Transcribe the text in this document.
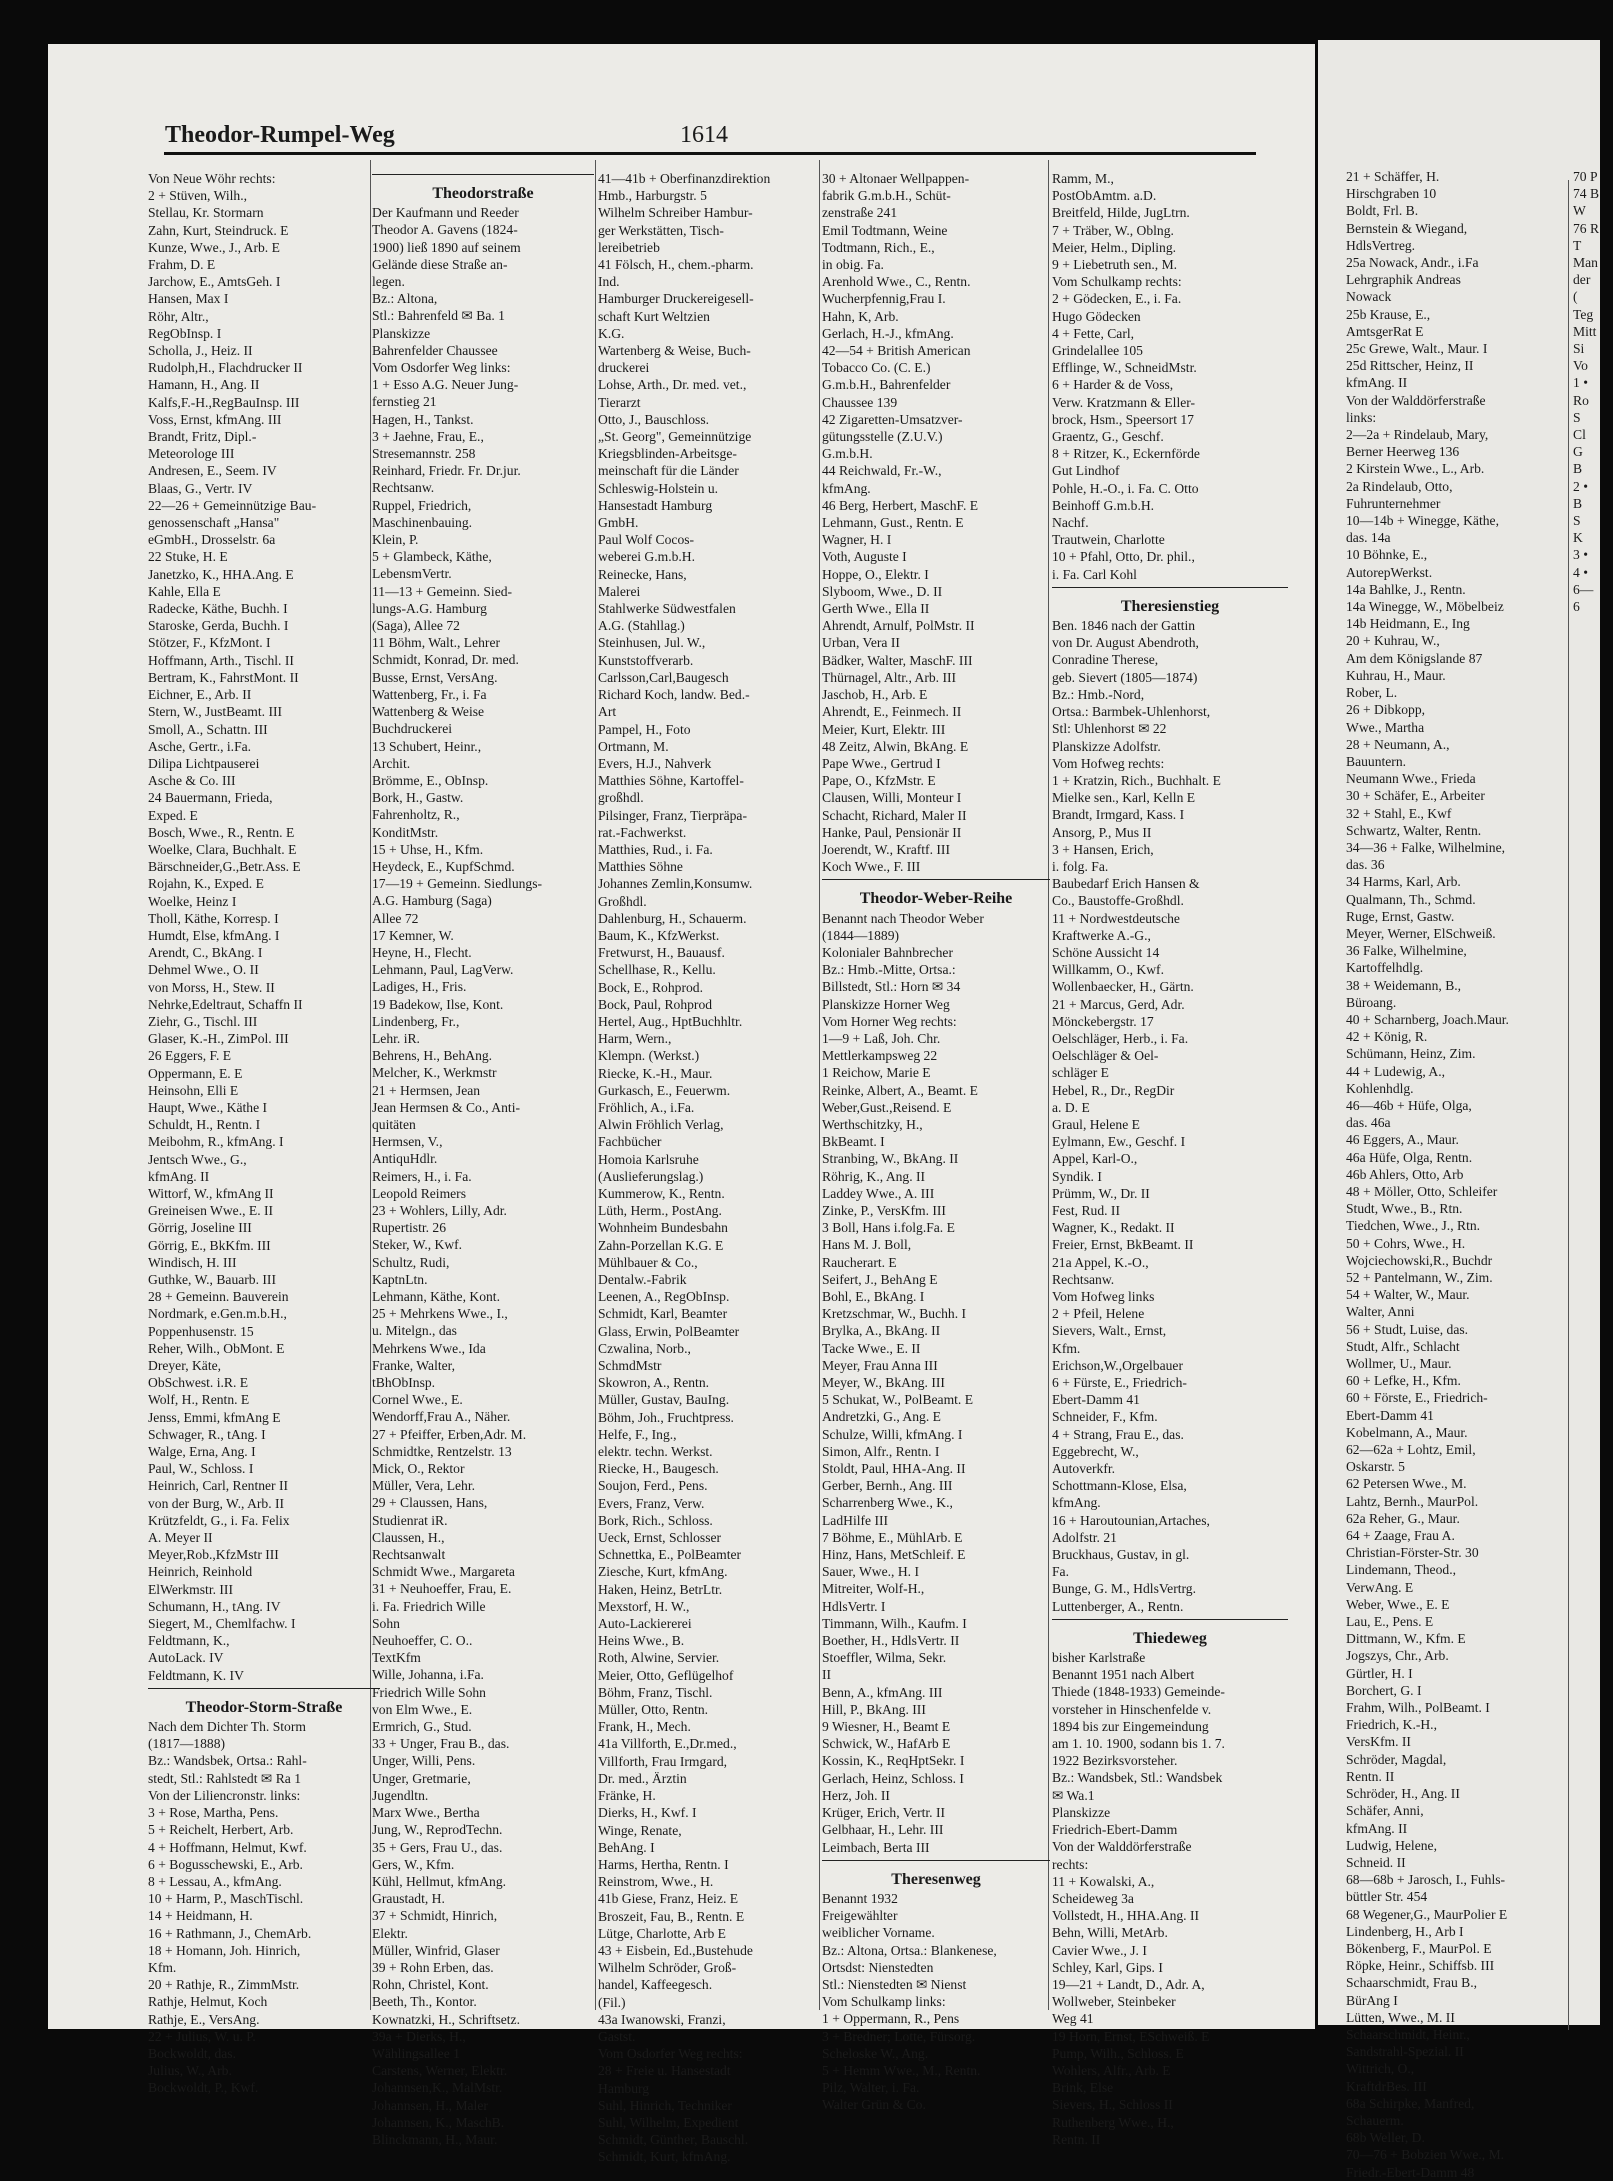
Theodor-Rumpel-Weg	1614
Von Neue Wöhr rechts:
2 + Stüven, Wilh.,
Stellau, Kr. Stormarn
Zahn, Kurt, Steindruck. E
Kunze, Wwe., J., Arb. E
Frahm, D. E
Jarchow, E., AmtsGeh. I
Hansen, Max I
Röhr, Altr.,
RegObInsp. I
Scholla, J., Heiz. II
Rudolph,H., Flachdrucker II
Hamann, H., Ang. II
Kalfs,F.-H.,RegBauInsp. III
Voss, Ernst, kfmAng. III
Brandt, Fritz, Dipl.-
Meteorologe III
Andresen, E., Seem. IV
Blaas, G., Vertr. IV
22—26 + Gemeinnützige Bau-
genossenschaft „Hansa"
eGmbH., Drosselstr. 6a
22 Stuke, H. E
Janetzko, K., HHA.Ang. E
Kahle, Ella E
Radecke, Käthe, Buchh. I
Staroske, Gerda, Buchh. I
Stötzer, F., KfzMont. I
Hoffmann, Arth., Tischl. II
Bertram, K., FahrstMont. II
Eichner, E., Arb. II
Stern, W., JustBeamt. III
Smoll, A., Schattn. III
Asche, Gertr., i.Fa.
Dilipa Lichtpauserei
Asche & Co. III
24 Bauermann, Frieda,
Exped. E
Bosch, Wwe., R., Rentn. E
Woelke, Clara, Buchhalt. E
Bärschneider,G.,Betr.Ass. E
Rojahn, K., Exped. E
Woelke, Heinz I
Tholl, Käthe, Korresp. I
Humdt, Else, kfmAng. I
Arendt, C., BkAng. I
Dehmel Wwe., O. II
von Morss, H., Stew. II
Nehrke,Edeltraut, Schaffn II
Ziehr, G., Tischl. III
Glaser, K.-H., ZimPol. III
26 Eggers, F. E
Oppermann, E. E
Heinsohn, Elli E
Haupt, Wwe., Käthe I
Schuldt, H., Rentn. I
Meibohm, R., kfmAng. I
Jentsch Wwe., G.,
kfmAng. II
Wittorf, W., kfmAng II
Greineisen Wwe., E. II
Görrig, Joseline III
Görrig, E., BkKfm. III
Windisch, H. III
Guthke, W., Bauarb. III
28 + Gemeinn. Bauverein
Nordmark, e.Gen.m.b.H.,
Poppenhusenstr. 15
Reher, Wilh., ObMont. E
Dreyer, Käte,
ObSchwest. i.R. E
Wolf, H., Rentn. E
Jenss, Emmi, kfmAng E
Schwager, R., tAng. I
Walge, Erna, Ang. I
Paul, W., Schloss. I
Heinrich, Carl, Rentner II
von der Burg, W., Arb. II
Krützfeldt, G., i. Fa. Felix
A. Meyer II
Meyer,Rob.,KfzMstr III
Heinrich, Reinhold
ElWerkmstr. III
Schumann, H., tAng. IV
Siegert, M., Chemlfachw. I
Feldtmann, K.,
AutoLack. IV
Feldtmann, K. IV
Theodor-Storm-Straße
Nach dem Dichter Th. Storm
(1817—1888)
Bz.: Wandsbek, Ortsa.: Rahl-
stedt, Stl.: Rahlstedt ✉ Ra 1
Von der Liliencronstr. links:
3 + Rose, Martha, Pens.
5 + Reichelt, Herbert, Arb.
4 + Hoffmann, Helmut, Kwf.
6 + Bogusschewski, E., Arb.
8 + Lessau, A., kfmAng.
10 + Harm, P., MaschTischl.
14 + Heidmann, H.
16 + Rathmann, J., ChemArb.
18 + Homann, Joh. Hinrich,
Kfm.
20 + Rathje, R., ZimmMstr.
Rathje, Helmut, Koch
Rathje, E., VersAng.
22 + Julius, W. u. P.
Bockwoldt, das.
Julius, W., Arb.
Bockwoldt, P., Kwf.
Theodorstraße
Der Kaufmann und Reeder
Theodor A. Gavens (1824-
1900) ließ 1890 auf seinem
Gelände diese Straße an-
legen.
Bz.: Altona,
Stl.: Bahrenfeld ✉ Ba. 1
Planskizze
Bahrenfelder Chaussee
Vom Osdorfer Weg links:
1 + Esso A.G. Neuer Jung-
fernstieg 21
Hagen, H., Tankst.
3 + Jaehne, Frau, E.,
Stresemannstr. 258
Reinhard, Friedr. Fr. Dr.jur.
Rechtsanw.
Ruppel, Friedrich,
Maschinenbauing.
Klein, P.
5 + Glambeck, Käthe,
LebensmVertr.
11—13 + Gemeinn. Sied-
lungs-A.G. Hamburg
(Saga), Allee 72
11 Böhm, Walt., Lehrer
Schmidt, Konrad, Dr. med.
Busse, Ernst, VersAng.
Wattenberg, Fr., i. Fa
Wattenberg & Weise
Buchdruckerei
13 Schubert, Heinr.,
Archit.
Brömme, E., ObInsp.
Bork, H., Gastw.
Fahrenholtz, R.,
KonditMstr.
15 + Uhse, H., Kfm.
Heydeck, E., KupfSchmd.
17—19 + Gemeinn. Siedlungs-
A.G. Hamburg (Saga)
Allee 72
17 Kemner, W.
Heyne, H., Flecht.
Lehmann, Paul, LagVerw.
Ladiges, H., Fris.
19 Badekow, Ilse, Kont.
Lindenberg, Fr.,
Lehr. iR.
Behrens, H., BehAng.
Melcher, K., Werkmstr
21 + Hermsen, Jean
Jean Hermsen & Co., Anti-
quitäten
Hermsen, V.,
AntiquHdlr.
Reimers, H., i. Fa.
Leopold Reimers
23 + Wohlers, Lilly, Adr.
Rupertistr. 26
Steker, W., Kwf.
Schultz, Rudi,
KaptnLtn.
Lehmann, Käthe, Kont.
25 + Mehrkens Wwe., I.,
u. Mitelgn., das
Mehrkens Wwe., Ida
Franke, Walter,
tBhObInsp.
Cornel Wwe., E.
Wendorff,Frau A., Näher.
27 + Pfeiffer, Erben,Adr. M.
Schmidtke, Rentzelstr. 13
Mick, O., Rektor
Müller, Vera, Lehr.
29 + Claussen, Hans,
Studienrat iR.
Claussen, H.,
Rechtsanwalt
Schmidt Wwe., Margareta
31 + Neuhoeffer, Frau, E.
i. Fa. Friedrich Wille
Sohn
Neuhoeffer, C. O..
TextKfm
Wille, Johanna, i.Fa.
Friedrich Wille Sohn
von Elm Wwe., E.
Ermrich, G., Stud.
33 + Unger, Frau B., das.
Unger, Willi, Pens.
Unger, Gretmarie,
Jugendltn.
Marx Wwe., Bertha
Jung, W., ReprodTechn.
35 + Gers, Frau U., das.
Gers, W., Kfm.
Kühl, Hellmut, kfmAng.
Graustadt, H.
37 + Schmidt, Hinrich,
Elektr.
Müller, Winfrid, Glaser
39 + Rohn Erben, das.
Rohn, Christel, Kont.
Beeth, Th., Kontor.
Kownatzki, H., Schriftsetz.
39a + Dierks, H.,
Wählingsallee 1
Carstens, Werner, Elektr.
Johannsen,K., MalMstr.
Johannsen, H., Maler
Johannsen, K., MaschB.
Blinckmann, H., Maur.
41—41b + Oberfinanzdirektion
Hmb., Harburgstr. 5
Wilhelm Schreiber Hambur-
ger Werkstätten, Tisch-
lereibetrieb
41 Fölsch, H., chem.-pharm.
Ind.
Hamburger Druckereigesell-
schaft Kurt Weltzien
K.G.
Wartenberg & Weise, Buch-
druckerei
Lohse, Arth., Dr. med. vet.,
Tierarzt
Otto, J., Bauschloss.
„St. Georg", Gemeinnützige
Kriegsblinden-Arbeitsge-
meinschaft für die Länder
Schleswig-Holstein u.
Hansestadt Hamburg
GmbH.
Paul Wolf Cocos-
weberei G.m.b.H.
Reinecke, Hans,
Malerei
Stahlwerke Südwestfalen
A.G. (Stahllag.)
Steinhusen, Jul. W.,
Kunststoffverarb.
Carlsson,Carl,Baugesch
Richard Koch, landw. Bed.-
Art
Pampel, H., Foto
Ortmann, M.
Evers, H.J., Nahverk
Matthies Söhne, Kartoffel-
großhdl.
Pilsinger, Franz, Tierpräpa-
rat.-Fachwerkst.
Matthies, Rud., i. Fa.
Matthies Söhne
Johannes Zemlin,Konsumw.
Großhdl.
Dahlenburg, H., Schauerm.
Baum, K., KfzWerkst.
Fretwurst, H., Bauausf.
Schellhase, R., Kellu.
Bock, E., Rohprod.
Bock, Paul, Rohprod
Hertel, Aug., HptBuchhltr.
Harm, Wern.,
Klempn. (Werkst.)
Riecke, K.-H., Maur.
Gurkasch, E., Feuerwm.
Fröhlich, A., i.Fa.
Alwin Fröhlich Verlag,
Fachbücher
Homoia Karlsruhe
(Auslieferungslag.)
Kummerow, K., Rentn.
Lüth, Herm., PostAng.
Wohnheim Bundesbahn
Zahn-Porzellan K.G. E
Mühlbauer & Co.,
Dentalw.-Fabrik
Leenen, A., RegObInsp.
Schmidt, Karl, Beamter
Glass, Erwin, PolBeamter
Czwalina, Norb.,
SchmdMstr
Skowron, A., Rentn.
Müller, Gustav, BauIng.
Böhm, Joh., Fruchtpress.
Helfe, F., Ing.,
elektr. techn. Werkst.
Riecke, H., Baugesch.
Soujon, Ferd., Pens.
Evers, Franz, Verw.
Bork, Rich., Schloss.
Ueck, Ernst, Schlosser
Schnettka, E., PolBeamter
Ziesche, Kurt, kfmAng.
Haken, Heinz, BetrLtr.
Mexstorf, H. W.,
Auto-Lackiererei
Heins Wwe., B.
Roth, Alwine, Servier.
Meier, Otto, Geflügelhof
Böhm, Franz, Tischl.
Müller, Otto, Rentn.
Frank, H., Mech.
41a Villforth, E.,Dr.med.,
Villforth, Frau Irmgard,
Dr. med., Ärztin
Fränke, H.
Dierks, H., Kwf. I
Winge, Renate,
BehAng. I
Harms, Hertha, Rentn. I
Reinstrom, Wwe., H.
41b Giese, Franz, Heiz. E
Broszeit, Fau, B., Rentn. E
Lütge, Charlotte, Arb E
43 + Eisbein, Ed.,Bustehude
Wilhelm Schröder, Groß-
handel, Kaffeegesch.
(Fil.)
43a Iwanowski, Franzi,
Gastst.
Vom Osdorfer Weg rechts:
28 + Freie u. Hansestadt
Hamburg
Suhl, Hinrich, Techniker
Suhl, Wilhelm, Expedient
Schmidt, Günther, Bauschl.
Schmidt, Kurt, kfmAng.
30 + Altonaer Wellpappen-
fabrik G.m.b.H., Schüt-
zenstraße 241
Emil Todtmann, Weine
Todtmann, Rich., E.,
in obig. Fa.
Arenhold Wwe., C., Rentn.
Wucherpfennig,Frau I.
Hahn, K, Arb.
Gerlach, H.-J., kfmAng.
42—54 + British American
Tobacco Co. (C. E.)
G.m.b.H., Bahrenfelder
Chaussee 139
42 Zigaretten-Umsatzver-
gütungsstelle (Z.U.V.)
G.m.b.H.
44 Reichwald, Fr.-W.,
kfmAng.
46 Berg, Herbert, MaschF. E
Lehmann, Gust., Rentn. E
Wagner, H. I
Voth, Auguste I
Hoppe, O., Elektr. I
Slyboom, Wwe., D. II
Gerth Wwe., Ella II
Ahrendt, Arnulf, PolMstr. II
Urban, Vera II
Bädker, Walter, MaschF. III
Thürnagel, Altr., Arb. III
Jaschob, H., Arb. E
Ahrendt, E., Feinmech. II
Meier, Kurt, Elektr. III
48 Zeitz, Alwin, BkAng. E
Pape Wwe., Gertrud I
Pape, O., KfzMstr. E
Clausen, Willi, Monteur I
Schacht, Richard, Maler II
Hanke, Paul, Pensionär II
Joerendt, W., Kraftf. III
Koch Wwe., F. III
Theodor-Weber-Reihe
Benannt nach Theodor Weber
(1844—1889)
Kolonialer Bahnbrecher
Bz.: Hmb.-Mitte, Ortsa.:
Billstedt, Stl.: Horn ✉ 34
Planskizze Horner Weg
Vom Horner Weg rechts:
1—9 + Laß, Joh. Chr.
Mettlerkampsweg 22
1 Reichow, Marie E
Reinke, Albert, A., Beamt. E
Weber,Gust.,Reisend. E
Werthschitzky, H.,
BkBeamt. I
Stranbing, W., BkAng. II
Röhrig, K., Ang. II
Laddey Wwe., A. III
Zinke, P., VersKfm. III
3 Boll, Hans i.folg.Fa. E
Hans M. J. Boll,
Raucherart. E
Seifert, J., BehAng E
Bohl, E., BkAng. I
Kretzschmar, W., Buchh. I
Brylka, A., BkAng. II
Tacke Wwe., E. II
Meyer, Frau Anna III
Meyer, W., BkAng. III
5 Schukat, W., PolBeamt. E
Andretzki, G., Ang. E
Schulze, Willi, kfmAng. I
Simon, Alfr., Rentn. I
Stoldt, Paul, HHA-Ang. II
Gerber, Bernh., Ang. III
Scharrenberg Wwe., K.,
LadHilfe III
7 Böhme, E., MühlArb. E
Hinz, Hans, MetSchleif. E
Sauer, Wwe., H. I
Mitreiter, Wolf-H.,
HdlsVertr. I
Timmann, Wilh., Kaufm. I
Boether, H., HdlsVertr. II
Stoeffler, Wilma, Sekr.
II
Benn, A., kfmAng. III
Hill, P., BkAng. III
9 Wiesner, H., Beamt E
Schwick, W., HafArb E
Kossin, K., ReqHptSekr. I
Gerlach, Heinz, Schloss. I
Herz, Joh. II
Krüger, Erich, Vertr. II
Gelbhaar, H., Lehr. III
Leimbach, Berta III
Theresenweg
Benannt 1932
Freigewählter
weiblicher Vorname.
Bz.: Altona, Ortsa.: Blankenese,
Ortsdst: Nienstedten
Stl.: Nienstedten ✉ Nienst
Vom Schulkamp links:
1 + Oppermann, R., Pens
3 + Bredner; Lotte, Fürsorg.
Scheloske W., Ang.
5 + Hemm Wwe., M., Rentn.
Pilz, Walter, i. Fa.
Walter Grün & Co.
Ramm, M.,
PostObAmtm. a.D.
Breitfeld, Hilde, JugLtrn.
7 + Träber, W., Oblng.
Meier, Helm., Dipling.
9 + Liebetruth sen., M.
Vom Schulkamp rechts:
2 + Gödecken, E., i. Fa.
Hugo Gödecken
4 + Fette, Carl,
Grindelallee 105
Efflinge, W., SchneidMstr.
6 + Harder & de Voss,
Verw. Kratzmann & Eller-
brock, Hsm., Speersort 17
Graentz, G., Geschf.
8 + Ritzer, K., Eckernförde
Gut Lindhof
Pohle, H.-O., i. Fa. C. Otto
Beinhoff G.m.b.H.
Nachf.
Trautwein, Charlotte
10 + Pfahl, Otto, Dr. phil.,
i. Fa. Carl Kohl
Theresienstieg
Ben. 1846 nach der Gattin
von Dr. August Abendroth,
Conradine Therese,
geb. Sievert (1805—1874)
Bz.: Hmb.-Nord,
Ortsa.: Barmbek-Uhlenhorst,
Stl: Uhlenhorst ✉ 22
Planskizze Adolfstr.
Vom Hofweg rechts:
1 + Kratzin, Rich., Buchhalt. E
Mielke sen., Karl, Kelln E
Brandt, Irmgard, Kass. I
Ansorg, P., Mus II
3 + Hansen, Erich,
i. folg. Fa.
Baubedarf Erich Hansen &
Co., Baustoffe-Großhdl.
11 + Nordwestdeutsche
Kraftwerke A.-G.,
Schöne Aussicht 14
Willkamm, O., Kwf.
Wollenbaecker, H., Gärtn.
21 + Marcus, Gerd, Adr.
Mönckebergstr. 17
Oelschläger, Herb., i. Fa.
Oelschläger & Oel-
schläger E
Hebel, R., Dr., RegDir
a. D. E
Graul, Helene E
Eylmann, Ew., Geschf. I
Appel, Karl-O.,
Syndik. I
Prümm, W., Dr. II
Fest, Rud. II
Wagner, K., Redakt. II
Freier, Ernst, BkBeamt. II
21a Appel, K.-O.,
Rechtsanw.
Vom Hofweg links
2 + Pfeil, Helene
Sievers, Walt., Ernst,
Kfm.
Erichson,W.,Orgelbauer
6 + Fürste, E., Friedrich-
Ebert-Damm 41
Schneider, F., Kfm.
4 + Strang, Frau E., das.
Eggebrecht, W.,
Autoverkfr.
Schottmann-Klose, Elsa,
kfmAng.
16 + Haroutounian,Artaches,
Adolfstr. 21
Bruckhaus, Gustav, in gl.
Fa.
Bunge, G. M., HdlsVertrg.
Luttenberger, A., Rentn.
Thiedeweg
bisher Karlstraße
Benannt 1951 nach Albert
Thiede (1848-1933) Gemeinde-
vorsteher in Hinschenfelde v.
1894 bis zur Eingemeindung
am 1. 10. 1900, sodann bis 1. 7.
1922 Bezirksvorsteher.
Bz.: Wandsbek, Stl.: Wandsbek
✉ Wa.1
Planskizze
Friedrich-Ebert-Damm
Von der Walddörferstraße
rechts:
11 + Kowalski, A.,
Scheideweg 3a
Vollstedt, H., HHA.Ang. II
Behn, Willi, MetArb.
Cavier Wwe., J. I
Schley, Karl, Gips. I
19—21 + Landt, D., Adr. A,
Wollweber, Steinbeker
Weg 41
19 Horn, Ernst, ESchweiß. E
Pump, Wilh., Schloss. E
Wohlers, Alfr., Arb. E
Brink, Else
Sievers, H., Schloss II
Ruthenberg Wwe., H.,
Rentn. II
21 + Schäffer, H.
Hirschgraben 10
Boldt, Frl. B.
Bernstein & Wiegand,
HdlsVertreg.
25a Nowack, Andr., i.Fa
Lehrgraphik Andreas
Nowack
25b Krause, E.,
AmtsgerRat E
25c Grewe, Walt., Maur. I
25d Rittscher, Heinz, II
kfmAng. II
Von der Walddörferstraße
links:
2—2a + Rindelaub, Mary,
Berner Heerweg 136
2 Kirstein Wwe., L., Arb.
2a Rindelaub, Otto,
Fuhrunternehmer
10—14b + Winegge, Käthe,
das. 14a
10 Böhnke, E.,
AutorepWerkst.
14a Bahlke, J., Rentn.
14a Winegge, W., Möbelbeiz
14b Heidmann, E., Ing
20 + Kuhrau, W.,
Am dem Königslande 87
Kuhrau, H., Maur.
Rober, L.
26 + Dibkopp,
Wwe., Martha
28 + Neumann, A.,
Bauuntern.
Neumann Wwe., Frieda
30 + Schäfer, E., Arbeiter
32 + Stahl, E., Kwf
Schwartz, Walter, Rentn.
34—36 + Falke, Wilhelmine,
das. 36
34 Harms, Karl, Arb.
Qualmann, Th., Schmd.
Ruge, Ernst, Gastw.
Meyer, Werner, ElSchweiß.
36 Falke, Wilhelmine,
Kartoffelhdlg.
38 + Weidemann, B.,
Büroang.
40 + Scharnberg, Joach.Maur.
42 + König, R.
Schümann, Heinz, Zim.
44 + Ludewig, A.,
Kohlenhdlg.
46—46b + Hüfe, Olga,
das. 46a
46 Eggers, A., Maur.
46a Hüfe, Olga, Rentn.
46b Ahlers, Otto, Arb
48 + Möller, Otto, Schleifer
Studt, Wwe., B., Rtn.
Tiedchen, Wwe., J., Rtn.
50 + Cohrs, Wwe., H.
Wojciechowski,R., Buchdr
52 + Pantelmann, W., Zim.
54 + Walter, W., Maur.
Walter, Anni
56 + Studt, Luise, das.
Studt, Alfr., Schlacht
Wollmer, U., Maur.
60 + Lefke, H., Kfm.
60 + Förste, E., Friedrich-
Ebert-Damm 41
Kobelmann, A., Maur.
62—62a + Lohtz, Emil,
Oskarstr. 5
62 Petersen Wwe., M.
Lahtz, Bernh., MaurPol.
62a Reher, G., Maur.
64 + Zaage, Frau A.
Christian-Förster-Str. 30
Lindemann, Theod.,
VerwAng. E
Weber, Wwe., E. E
Lau, E., Pens. E
Dittmann, W., Kfm. E
Jogszys, Chr., Arb.
Gürtler, H. I
Borchert, G. I
Frahm, Wilh., PolBeamt. I
Friedrich, K.-H.,
VersKfm. II
Schröder, Magdal,
Rentn. II
Schröder, H., Ang. II
Schäfer, Anni,
kfmAng. II
Ludwig, Helene,
Schneid. II
68—68b + Jarosch, I., Fuhls-
büttler Str. 454
68 Wegener,G., MaurPolier E
Lindenberg, H., Arb I
Bökenberg, F., MaurPol. E
Röpke, Heinr., Schiffsb. III
Schaarschmidt, Frau B.,
BürAng I
Lütten, Wwe., M. II
Schaarschmidt, Heinr.,
Sandstrahl-Spezial. II
Wittrich, O.,
KraftdrBes. III
68a Schirpke, Manfred,
Schauerm.
68b Weller, D.
70—76 + Bobzien Wwe., M.
Friedr.-Ebert-Damm 48
70 P
74 B
W
76 R
T
Man
der
(
Teg
Mitt
Si
Vo
1 •
Ro
S
Cl
G
B
2 •
B
S
K
3 •
4 •
6—
6
